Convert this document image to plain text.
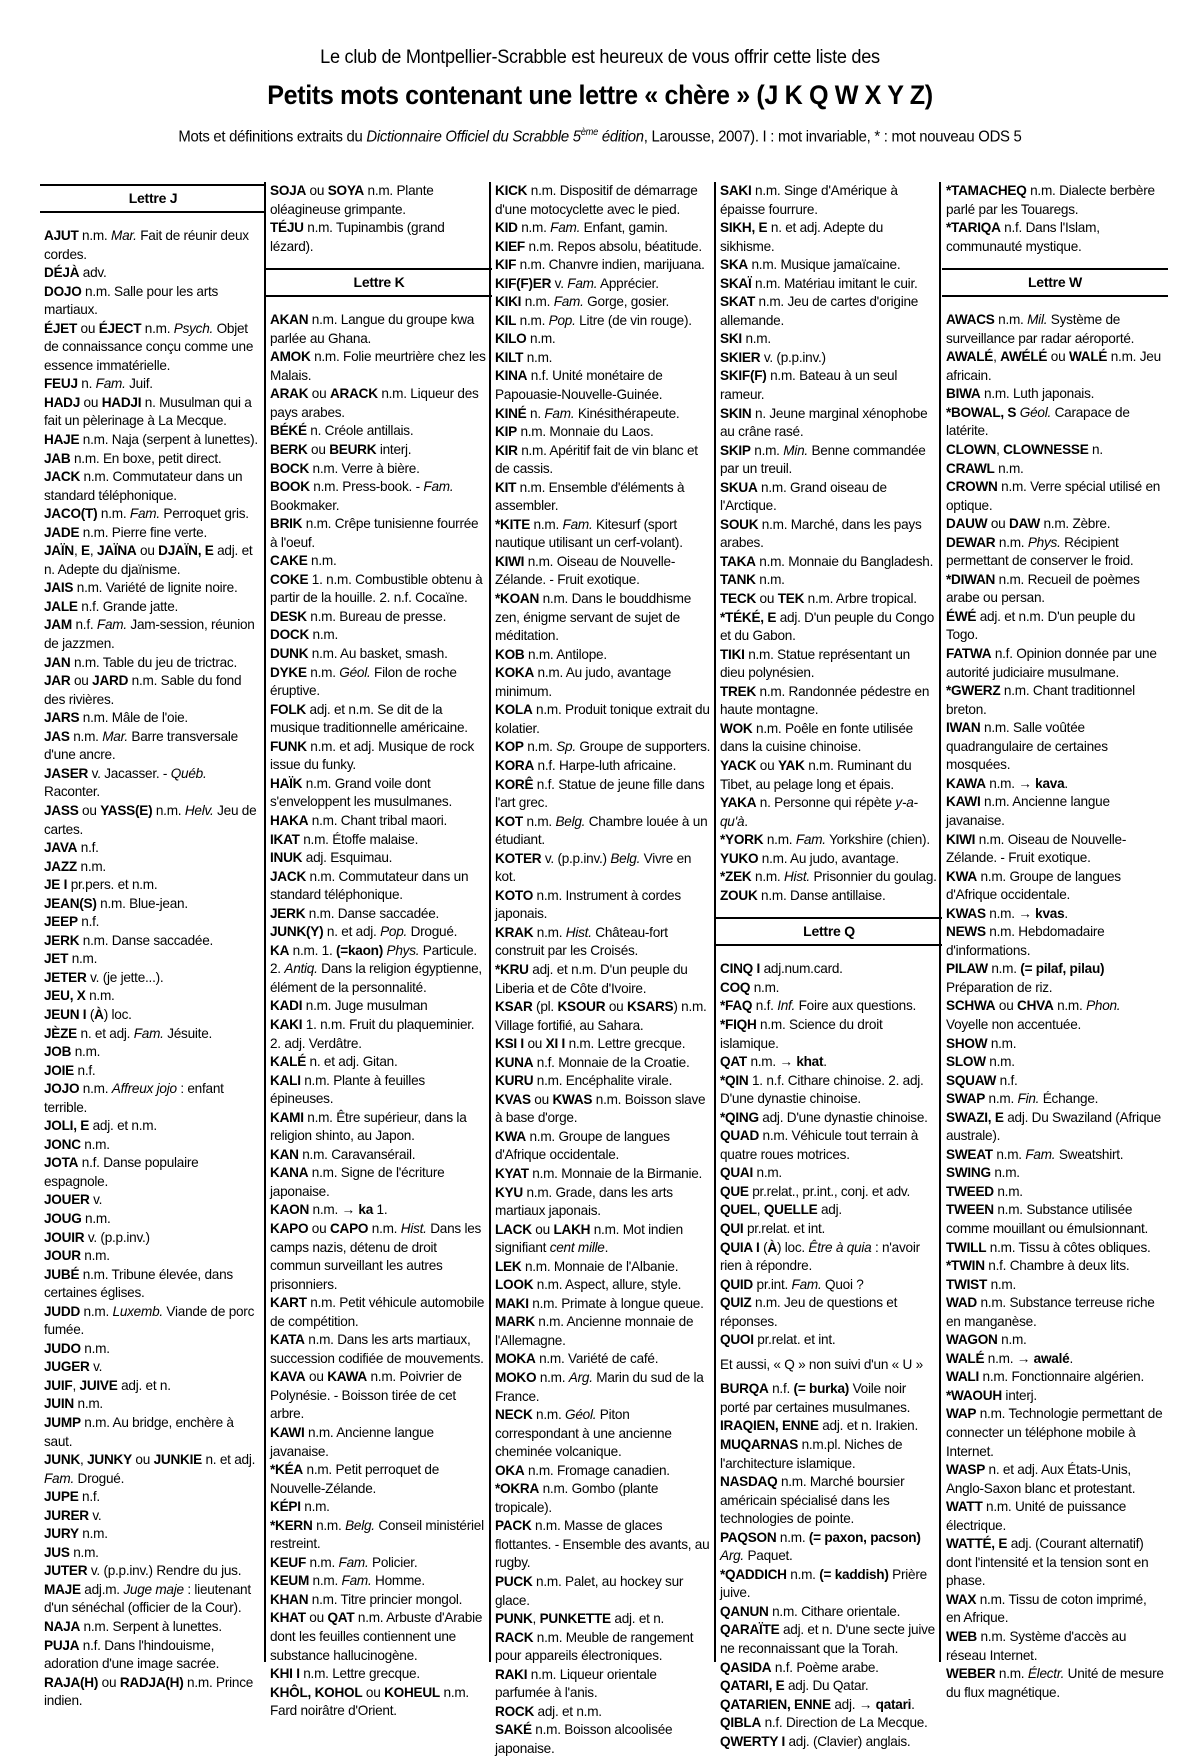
Le club de Montpellier-Scrabble est heureux de vous offrir cette liste des
Petits mots contenant une lettre « chère » (J K Q W X Y Z)
Mots et définitions extraits du Dictionnaire Officiel du Scrabble 5ème édition, Larousse, 2007). I : mot invariable, * : mot nouveau ODS 5
Lettre J
AJUT n.m. Mar. Fait de réunir deux cordes.
DÉJÀ adv.
DOJO n.m. Salle pour les arts martiaux.
ÉJET ou ÉJECT n.m. Psych. Objet de connaissance conçu comme une essence immatérielle.
FEUJ n. Fam. Juif.
HADJ ou HADJI n. Musulman qui a fait un pèlerinage à La Mecque.
HAJE n.m. Naja (serpent à lunettes).
JAB n.m. En boxe, petit direct.
JACK n.m. Commutateur dans un standard téléphonique.
JACO(T) n.m. Fam. Perroquet gris.
JADE n.m. Pierre fine verte.
JAÏN, E, JAÏNA ou DJAÏN, E adj. et n. Adepte du djaïnisme.
JAIS n.m. Variété de lignite noire.
JALE n.f. Grande jatte.
JAM n.f. Fam. Jam-session, réunion de jazzmen.
JAN n.m. Table du jeu de trictrac.
JAR ou JARD n.m. Sable du fond des rivières.
JARS n.m. Mâle de l'oie.
JAS n.m. Mar. Barre transversale d'une ancre.
JASER v. Jacasser. - Québ. Raconter.
JASS ou YASS(E) n.m. Helv. Jeu de cartes.
JAVA n.f.
JAZZ n.m.
JE I pr.pers. et n.m.
JEAN(S) n.m. Blue-jean.
JEEP n.f.
JERK n.m. Danse saccadée.
JET n.m.
JETER v. (je jette...).
JEU, X n.m.
JEUN I (À) loc.
JÈZE n. et adj. Fam. Jésuite.
JOB n.m.
JOIE n.f.
JOJO n.m. Affreux jojo : enfant terrible.
JOLI, E adj. et n.m.
JONC n.m.
JOTA n.f. Danse populaire espagnole.
JOUER v.
JOUG n.m.
JOUIR v. (p.p.inv.)
JOUR n.m.
JUBÉ n.m. Tribune élevée, dans certaines églises.
JUDD n.m. Luxemb. Viande de porc fumée.
JUDO n.m.
JUGER v.
JUIF, JUIVE adj. et n.
JUIN n.m.
JUMP n.m. Au bridge, enchère à saut.
JUNK, JUNKY ou JUNKIE n. et adj. Fam. Drogué.
JUPE n.f.
JURER v.
JURY n.m.
JUS n.m.
JUTER v. (p.p.inv.) Rendre du jus.
MAJE adj.m. Juge maje : lieutenant d'un sénéchal (officier de la Cour).
NAJA n.m. Serpent à lunettes.
PUJA n.f. Dans l'hindouisme, adoration d'une image sacrée.
RAJA(H) ou RADJA(H) n.m. Prince indien.
SOJA ou SOYA n.m. Plante oléagineuse grimpante.
TÉJU n.m. Tupinambis (grand lézard).
Lettre K
AKAN n.m. Langue du groupe kwa parlée au Ghana.
AMOK n.m. Folie meurtrière chez les Malais.
ARAK ou ARACK n.m. Liqueur des pays arabes.
BÉKÉ n. Créole antillais.
BERK ou BEURK interj.
BOCK n.m. Verre à bière.
BOOK n.m. Press-book. - Fam. Bookmaker.
BRIK n.m. Crêpe tunisienne fourrée à l'oeuf.
CAKE n.m.
COKE 1. n.m. Combustible obtenu à partir de la houille. 2. n.f. Cocaïne.
DESK n.m. Bureau de presse.
DOCK n.m.
DUNK n.m. Au basket, smash.
DYKE n.m. Géol. Filon de roche éruptive.
FOLK adj. et n.m. Se dit de la musique traditionnelle américaine.
FUNK n.m. et adj. Musique de rock issue du funky.
HAÏK n.m. Grand voile dont s'enveloppent les musulmanes.
HAKA n.m. Chant tribal maori.
IKAT n.m. Étoffe malaise.
INUK adj. Esquimau.
JACK n.m. Commutateur dans un standard téléphonique.
JERK n.m. Danse saccadée.
JUNK(Y) n. et adj. Pop. Drogué.
KA n.m. 1. (=kaon) Phys. Particule. 2. Antiq. Dans la religion égyptienne, élément de la personnalité.
KADI n.m. Juge musulman
KAKI 1. n.m. Fruit du plaqueminier. 2. adj. Verdâtre.
KALÉ n. et adj. Gitan.
KALI n.m. Plante à feuilles épineuses.
KAMI n.m. Être supérieur, dans la religion shinto, au Japon.
KAN n.m. Caravansérail.
KANA n.m. Signe de l'écriture japonaise.
KAON n.m. → ka 1.
KAPO ou CAPO n.m. Hist. Dans les camps nazis, détenu de droit commun surveillant les autres prisonniers.
KART n.m. Petit véhicule automobile de compétition.
KATA n.m. Dans les arts martiaux, succession codifiée de mouvements.
KAVA ou KAWA n.m. Poivrier de Polynésie. - Boisson tirée de cet arbre.
KAWI n.m. Ancienne langue javanaise.
*KÉA n.m. Petit perroquet de Nouvelle-Zélande.
KÉPI n.m.
*KERN n.m. Belg. Conseil ministériel restreint.
KEUF n.m. Fam. Policier.
KEUM n.m. Fam. Homme.
KHAN n.m. Titre princier mongol.
KHAT ou QAT n.m. Arbuste d'Arabie dont les feuilles contiennent une substance hallucinogène.
KHI I n.m. Lettre grecque.
KHÔL, KOHOL ou KOHEUL n.m. Fard noirâtre d'Orient.
KICK n.m. Dispositif de démarrage d'une motocyclette avec le pied.
KID n.m. Fam. Enfant, gamin.
KIEF n.m. Repos absolu, béatitude.
KIF n.m. Chanvre indien, marijuana.
KIF(F)ER v. Fam. Apprécier.
KIKI n.m. Fam. Gorge, gosier.
KIL n.m. Pop. Litre (de vin rouge).
KILO n.m.
KILT n.m.
KINA n.f. Unité monétaire de Papouasie-Nouvelle-Guinée.
KINÉ n. Fam. Kinésithérapeute.
KIP n.m. Monnaie du Laos.
KIR n.m. Apéritif fait de vin blanc et de cassis.
KIT n.m. Ensemble d'éléments à assembler.
*KITE n.m. Fam. Kitesurf (sport nautique utilisant un cerf-volant).
KIWI n.m. Oiseau de Nouvelle-Zélande. - Fruit exotique.
*KOAN n.m. Dans le bouddhisme zen, énigme servant de sujet de méditation.
KOB n.m. Antilope.
KOKA n.m. Au judo, avantage minimum.
KOLA n.m. Produit tonique extrait du kolatier.
KOP n.m. Sp. Groupe de supporters.
KORA n.f. Harpe-luth africaine.
KORÊ n.f. Statue de jeune fille dans l'art grec.
KOT n.m. Belg. Chambre louée à un étudiant.
KOTER v. (p.p.inv.) Belg. Vivre en kot.
KOTO n.m. Instrument à cordes japonais.
KRAK n.m. Hist. Château-fort construit par les Croisés.
*KRU adj. et n.m. D'un peuple du Liberia et de Côte d'Ivoire.
KSAR (pl. KSOUR ou KSARS) n.m. Village fortifié, au Sahara.
KSI I ou XI I n.m. Lettre grecque.
KUNA n.f. Monnaie de la Croatie.
KURU n.m. Encéphalite virale.
KVAS ou KWAS n.m. Boisson slave à base d'orge.
KWA n.m. Groupe de langues d'Afrique occidentale.
KYAT n.m. Monnaie de la Birmanie.
KYU n.m. Grade, dans les arts martiaux japonais.
LACK ou LAKH n.m. Mot indien signifiant cent mille.
LEK n.m. Monnaie de l'Albanie.
LOOK n.m. Aspect, allure, style.
MAKI n.m. Primate à longue queue.
MARK n.m. Ancienne monnaie de l'Allemagne.
MOKA n.m. Variété de café.
MOKO n.m. Arg. Marin du sud de la France.
NECK n.m. Géol. Piton correspondant à une ancienne cheminée volcanique.
OKA n.m. Fromage canadien.
*OKRA n.m. Gombo (plante tropicale).
PACK n.m. Masse de glaces flottantes. - Ensemble des avants, au rugby.
PUCK n.m. Palet, au hockey sur glace.
PUNK, PUNKETTE adj. et n.
RACK n.m. Meuble de rangement pour appareils électroniques.
RAKI n.m. Liqueur orientale parfumée à l'anis.
ROCK adj. et n.m.
SAKÉ n.m. Boisson alcoolisée japonaise.
SAKI n.m. Singe d'Amérique à épaisse fourrure.
SIKH, E n. et adj. Adepte du sikhisme.
SKA n.m. Musique jamaïcaine.
SKAÏ n.m. Matériau imitant le cuir.
SKAT n.m. Jeu de cartes d'origine allemande.
SKI n.m.
SKIER v. (p.p.inv.)
SKIF(F) n.m. Bateau à un seul rameur.
SKIN n. Jeune marginal xénophobe au crâne rasé.
SKIP n.m. Min. Benne commandée par un treuil.
SKUA n.m. Grand oiseau de l'Arctique.
SOUK n.m. Marché, dans les pays arabes.
TAKA n.m. Monnaie du Bangladesh.
TANK n.m.
TECK ou TEK n.m. Arbre tropical.
*TÉKÉ, E adj. D'un peuple du Congo et du Gabon.
TIKI n.m. Statue représentant un dieu polynésien.
TREK n.m. Randonnée pédestre en haute montagne.
WOK n.m. Poêle en fonte utilisée dans la cuisine chinoise.
YACK ou YAK n.m. Ruminant du Tibet, au pelage long et épais.
YAKA n. Personne qui répète y-a-qu'à.
*YORK n.m. Fam. Yorkshire (chien).
YUKO n.m. Au judo, avantage.
*ZEK n.m. Hist. Prisonnier du goulag.
ZOUK n.m. Danse antillaise.
Lettre Q
CINQ I adj.num.card.
COQ n.m.
*FAQ n.f. Inf. Foire aux questions.
*FIQH n.m. Science du droit islamique.
QAT n.m. → khat.
*QIN 1. n.f. Cithare chinoise. 2. adj. D'une dynastie chinoise.
*QING adj. D'une dynastie chinoise.
QUAD n.m. Véhicule tout terrain à quatre roues motrices.
QUAI n.m.
QUE pr.relat., pr.int., conj. et adv.
QUEL, QUELLE adj.
QUI pr.relat. et int.
QUIA I (À) loc. Être à quia : n'avoir rien à répondre.
QUID pr.int. Fam. Quoi ?
QUIZ n.m. Jeu de questions et réponses.
QUOI pr.relat. et int.
Et aussi, « Q » non suivi d'un « U »
BURQA n.f. (= burka) Voile noir porté par certaines musulmanes.
IRAQIEN, ENNE adj. et n. Irakien.
MUQARNAS n.m.pl. Niches de l'architecture islamique.
NASDAQ n.m. Marché boursier américain spécialisé dans les technologies de pointe.
PAQSON n.m. (= paxon, pacson) Arg. Paquet.
*QADDICH n.m. (= kaddish) Prière juive.
QANUN n.m. Cithare orientale.
QARAÏTE adj. et n. D'une secte juive ne reconnaissant que la Torah.
QASIDA n.f. Poème arabe.
QATARI, E adj. Du Qatar.
QATARIEN, ENNE adj. → qatari.
QIBLA n.f. Direction de La Mecque.
QWERTY I adj. (Clavier) anglais.
*TAMACHEQ n.m. Dialecte berbère parlé par les Touaregs.
*TARIQA n.f. Dans l'Islam, communauté mystique.
Lettre W
AWACS n.m. Mil. Système de surveillance par radar aéroporté.
AWALÉ, AWÉLÉ ou WALÉ n.m. Jeu africain.
BIWA n.m. Luth japonais.
*BOWAL, S Géol. Carapace de latérite.
CLOWN, CLOWNESSE n.
CRAWL n.m.
CROWN n.m. Verre spécial utilisé en optique.
DAUW ou DAW n.m. Zèbre.
DEWAR n.m. Phys. Récipient permettant de conserver le froid.
*DIWAN n.m. Recueil de poèmes arabe ou persan.
ÉWÉ adj. et n.m. D'un peuple du Togo.
FATWA n.f. Opinion donnée par une autorité judiciaire musulmane.
*GWERZ n.m. Chant traditionnel breton.
IWAN n.m. Salle voûtée quadrangulaire de certaines mosquées.
KAWA n.m. → kava.
KAWI n.m. Ancienne langue javanaise.
KIWI n.m. Oiseau de Nouvelle-Zélande. - Fruit exotique.
KWA n.m. Groupe de langues d'Afrique occidentale.
KWAS n.m. → kvas.
NEWS n.m. Hebdomadaire d'informations.
PILAW n.m. (= pilaf, pilau) Préparation de riz.
SCHWA ou CHVA n.m. Phon. Voyelle non accentuée.
SHOW n.m.
SLOW n.m.
SQUAW n.f.
SWAP n.m. Fin. Échange.
SWAZI, E adj. Du Swaziland (Afrique australe).
SWEAT n.m. Fam. Sweatshirt.
SWING n.m.
TWEED n.m.
TWEEN n.m. Substance utilisée comme mouillant ou émulsionnant.
TWILL n.m. Tissu à côtes obliques.
*TWIN n.f. Chambre à deux lits.
TWIST n.m.
WAD n.m. Substance terreuse riche en manganèse.
WAGON n.m.
WALÉ n.m. → awalé.
WALI n.m. Fonctionnaire algérien.
*WAOUH interj.
WAP n.m. Technologie permettant de connecter un téléphone mobile à Internet.
WASP n. et adj. Aux États-Unis, Anglo-Saxon blanc et protestant.
WATT n.m. Unité de puissance électrique.
WATTÉ, E adj. (Courant alternatif) dont l'intensité et la tension sont en phase.
WAX n.m. Tissu de coton imprimé, en Afrique.
WEB n.m. Système d'accès au réseau Internet.
WEBER n.m. Électr. Unité de mesure du flux magnétique.
